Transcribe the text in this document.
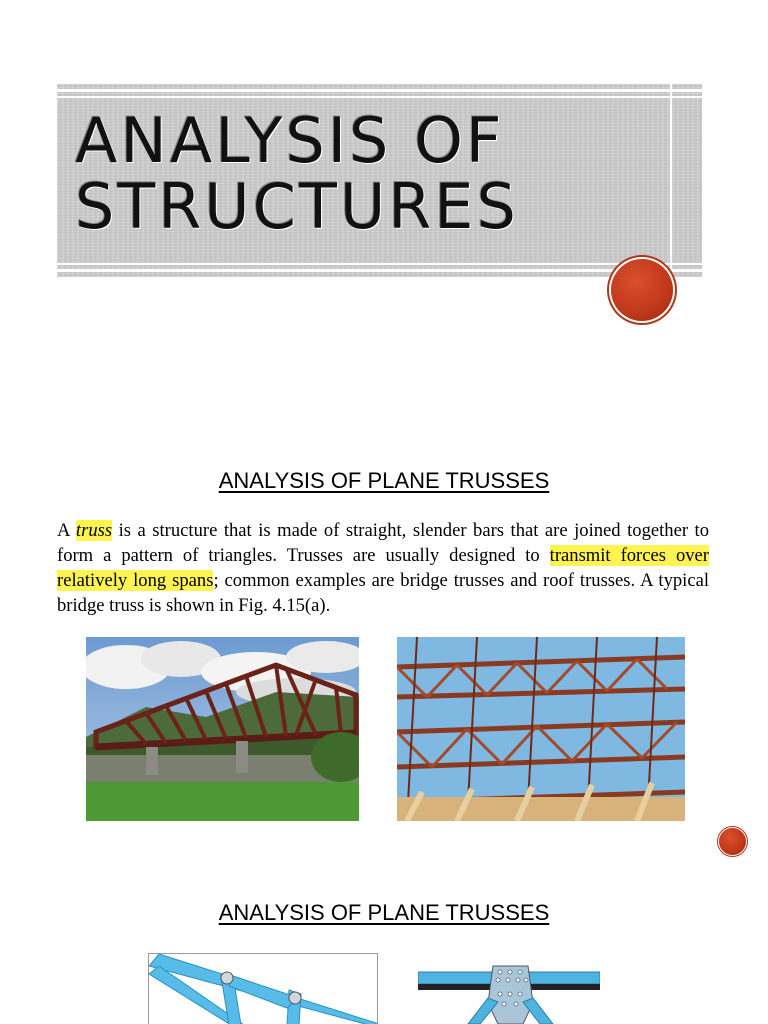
ANALYSIS OF
STRUCTURES
ANALYSIS OF PLANE TRUSSES

A truss is a structure that is made of straight, slender bars that are joined together to form a pattern of triangles. Trusses are usually designed to transmit forces over relatively long spans; common examples are bridge trusses and roof trusses. A typical bridge truss is shown in Fig. 4.15(a).

ANALYSIS OF PLANE TRUSSES
